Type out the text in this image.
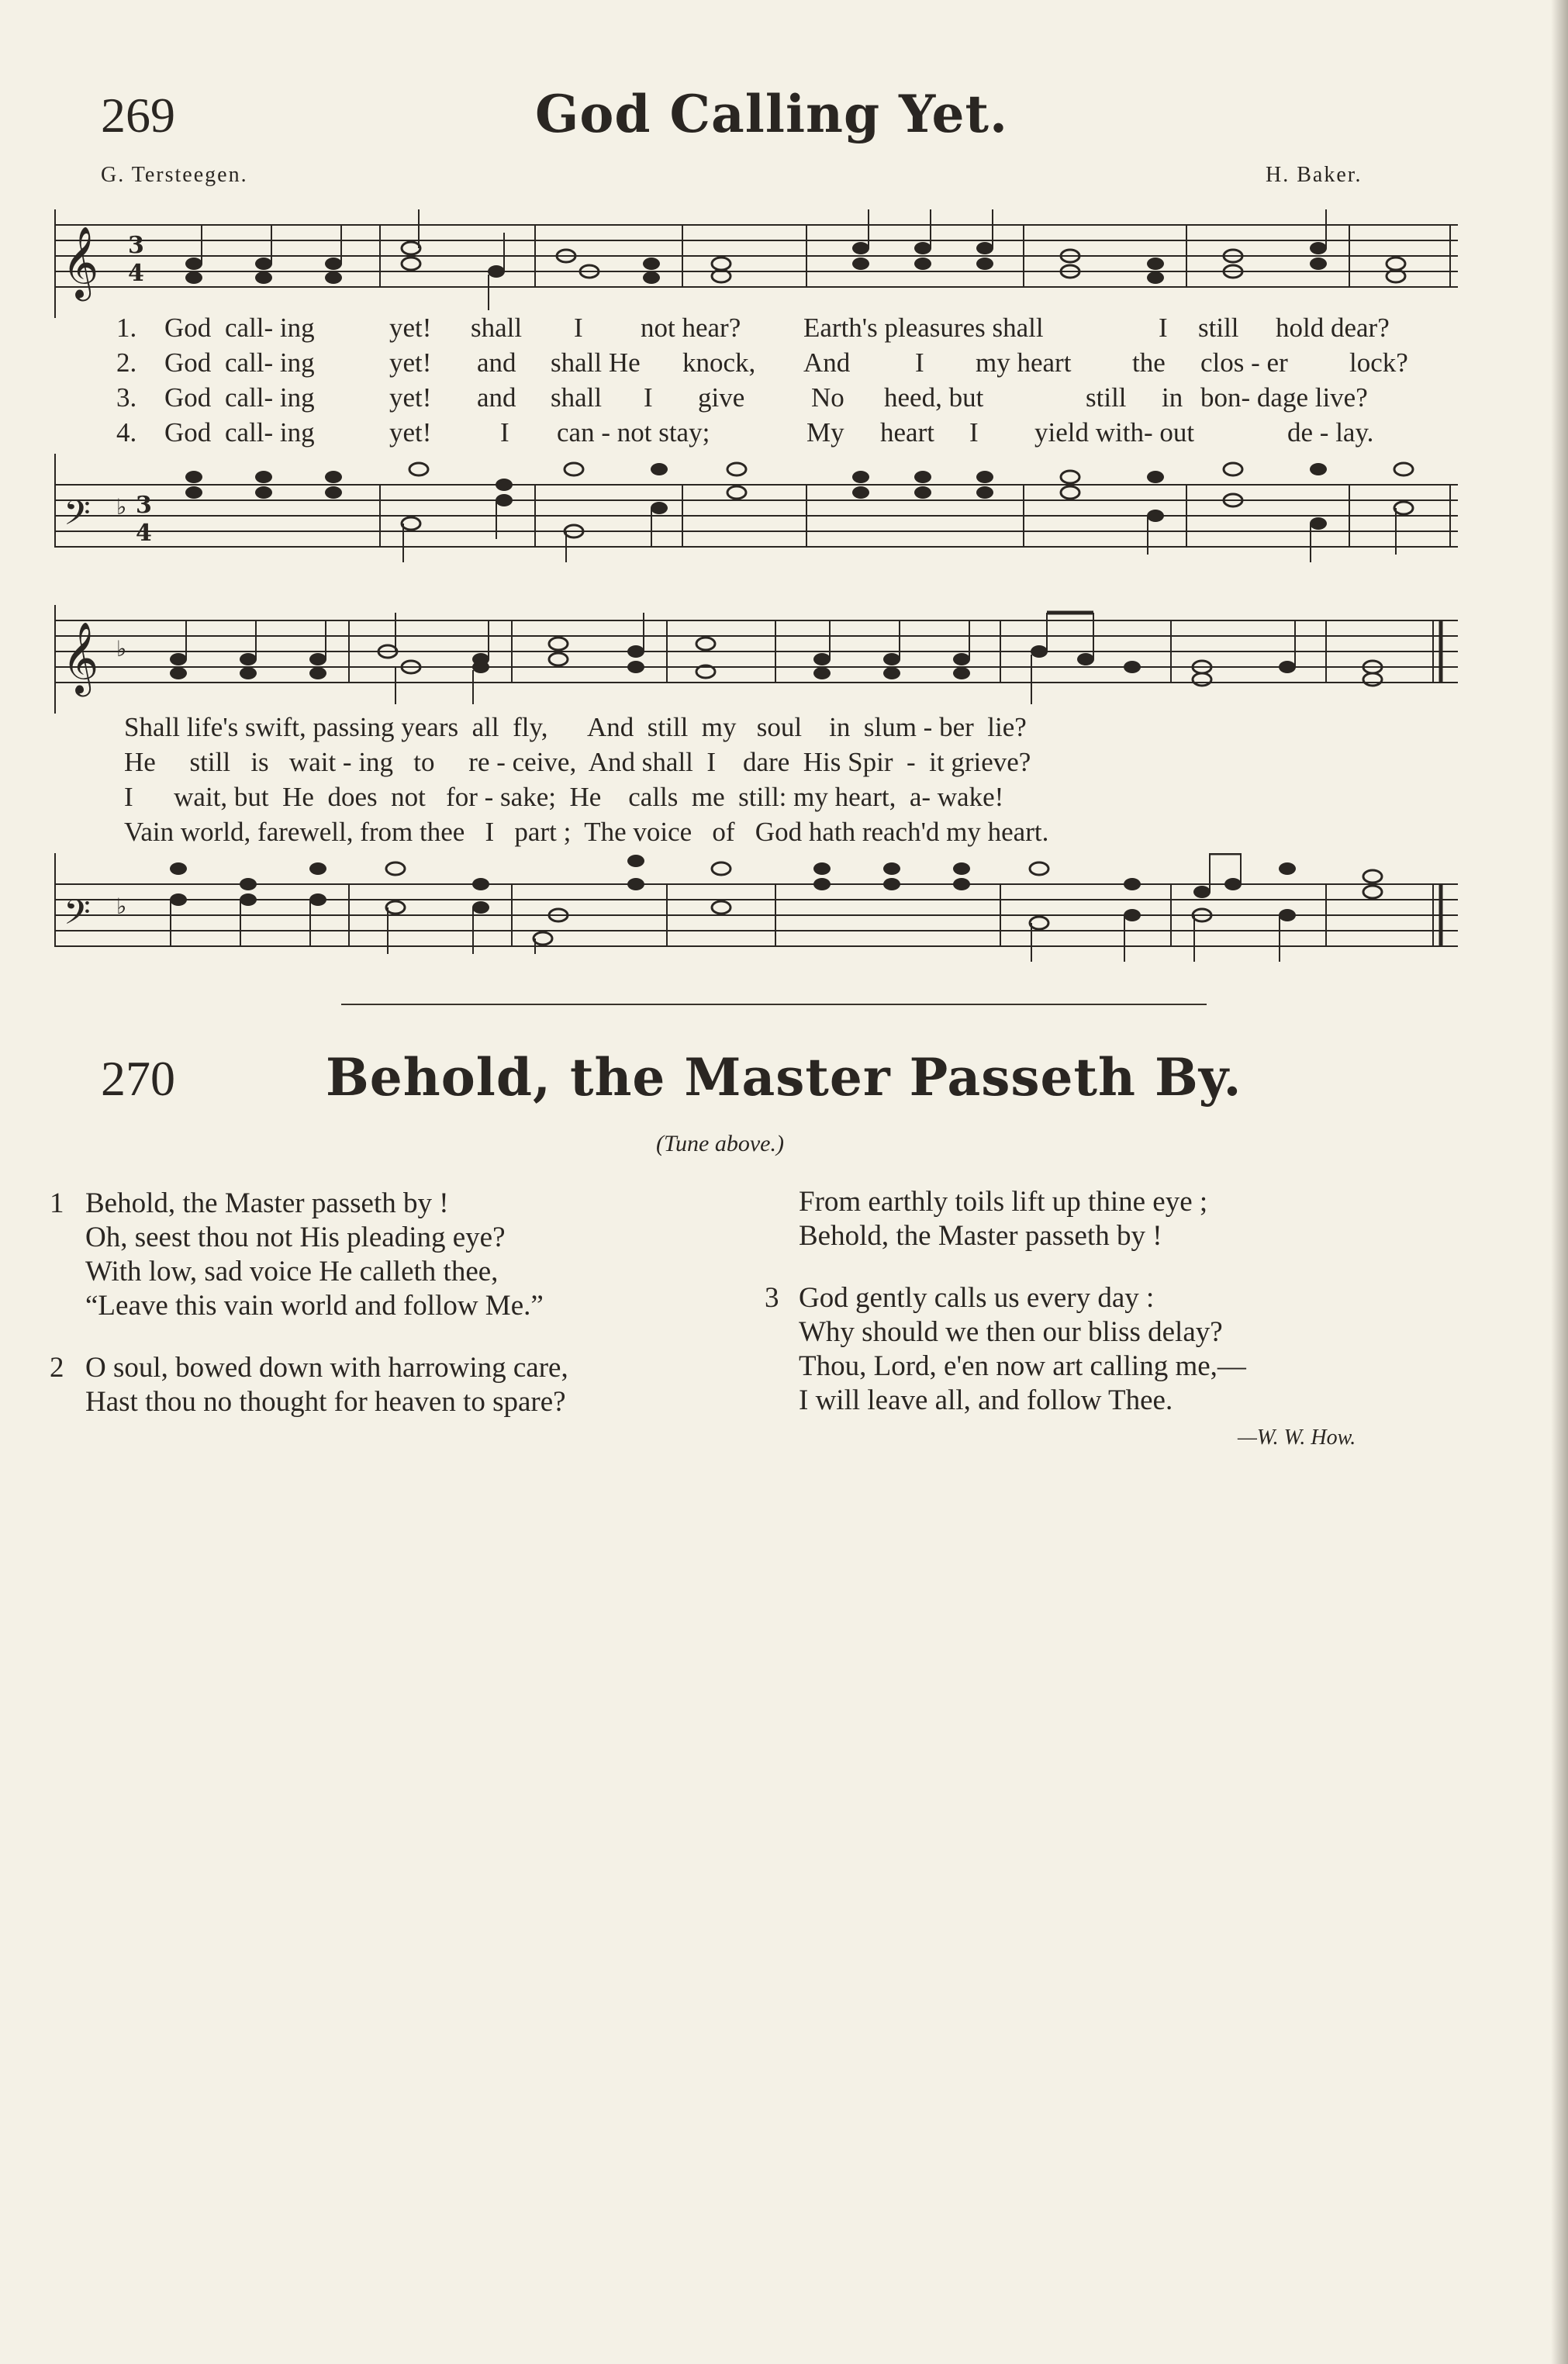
269	God Calling Yet.
G. Tersteegen.	H. Baker.
𝄞 3
4
1. God call- ing	yet! shall I not hear? Earth's pleasures shall	I still hold dear?
2. God call- ing	yet! and shall He knock, And I my heart the clos - er lock?
3. God call- ing	yet! and shall I give No heed, but	still in bon- dage live?
4. God call- ing	yet!	I can - not stay;	My heart I yield with- out	de - lay.
𝄢 ♭ 3
4
𝄞 ♭
Shall life's swift, passing years  all  fly,      And  still  my   soul    in  slum - ber  lie?
He     still   is   wait - ing   to     re - ceive,  And shall  I    dare  His Spir  -  it grieve?
I      wait, but  He  does  not   for - sake;  He    calls  me  still: my heart,  a- wake!
Vain world, farewell, from thee   I   part ;  The voice   of   God hath reach'd my heart.
𝄢 ♭
270	Behold, the Master Passeth By.
(Tune above.)
1 Behold, the Master passeth by !
Oh, seest thou not His pleading eye?
With low, sad voice He calleth thee,
“Leave this vain world and follow Me.”
2 O soul, bowed down with harrowing care,
Hast thou no thought for heaven to spare?
From earthly toils lift up thine eye ;
Behold, the Master passeth by !
3 God gently calls us every day :
Why should we then our bliss delay?
Thou, Lord, e'en now art calling me,—
I will leave all, and follow Thee.
—W. W. How.
